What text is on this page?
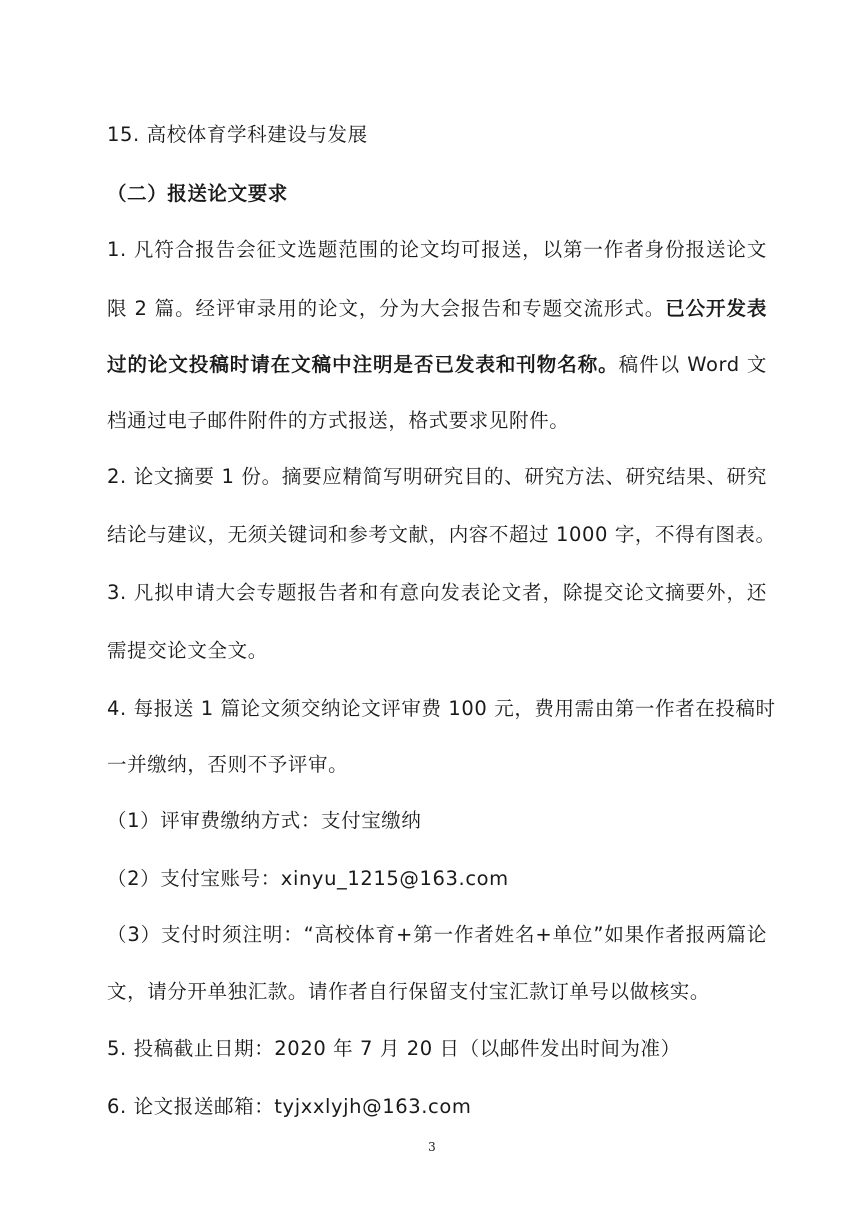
15. 高校体育学科建设与发展
（二）报送论文要求
1. 凡符合报告会征文选题范围的论文均可报送，以第一作者身份报送论文
限 2 篇。经评审录用的论文，分为大会报告和专题交流形式。已公开发表
过的论文投稿时请在文稿中注明是否已发表和刊物名称。稿件以 Word 文
档通过电子邮件附件的方式报送，格式要求见附件。
2. 论文摘要 1 份。摘要应精简写明研究目的、研究方法、研究结果、研究
结论与建议，无须关键词和参考文献，内容不超过 1000 字，不得有图表。
3. 凡拟申请大会专题报告者和有意向发表论文者，除提交论文摘要外，还
需提交论文全文。
4. 每报送 1 篇论文须交纳论文评审费 100 元，费用需由第一作者在投稿时
一并缴纳，否则不予评审。
（1）评审费缴纳方式：支付宝缴纳
（2）支付宝账号：xinyu_1215@163.com
（3）支付时须注明：“高校体育+第一作者姓名+单位”如果作者报两篇论
文，请分开单独汇款。请作者自行保留支付宝汇款订单号以做核实。
5. 投稿截止日期：2020 年 7 月 20 日（以邮件发出时间为准）
6. 论文报送邮箱：tyjxxlyjh@163.com
3
